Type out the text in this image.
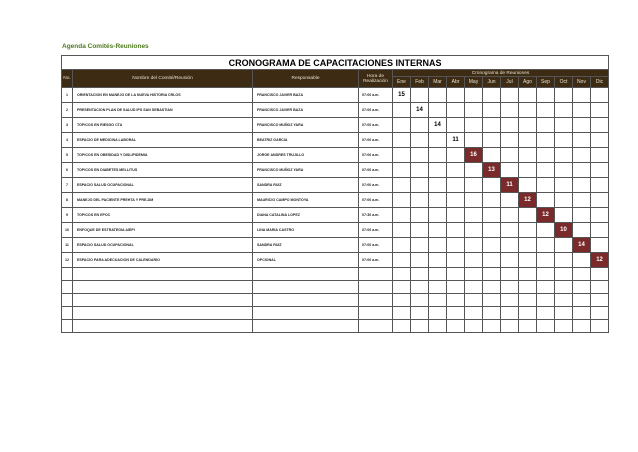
Agenda Comités-Reuniones
CRONOGRAMA DE CAPACITACIONES INTERNAS															
No.	Nombre del Comité/Reunión	Responsable	Hora de
Realización	Cronograma de Reuniones											
				Ene	Feb	Mar	Abr	May	Jun	Jul	Ago	Sep	Oct	Nov	Dic
1	ORIENTACION EN MANEJO DE LA NUEVA HISTORIA CRLOS	FRANCISCO JAVIER BAZA	07:00 a.m.	15											
2	PRESENTACION PLAN DE SALUD IPS SAN SEBASTIAN	FRANCISCO JAVIER BAZA	07:00 a.m.		14										
3	TOPICOS EN RIESGO CTA	FRANCISCO MUÑOZ YARA	07:00 a.m.			14									
4	ESPACIO DE MEDICINA LABORAL	BEATRIZ GARCIA	07:00 a.m.				11								
5	TOPICOS EN OBESIDAD Y DISLIPIDEMIA	JORGE ANDRES TRUJILLO	07:00 a.m.					16							
6	TOPICOS EN DIABETES MELLITUS	FRANCISCO MUÑOZ YARA	07:00 a.m.						13						
7	ESPACIO SALUD OCUPACIONAL	SANDRA RUIZ	07:00 a.m.							11					
8	MANEJO DEL PACIENTE PREHTA Y PRE-DM	MAURICIO CAMPO MONTOYA	07:00 a.m.								12				
9	TOPICOS EN EPOC	DIANA CATALINA LOPEZ	07:30 a.m.									12			
10	ENFOQUE DE ESTRATEGIA AIEPI	LINA MARIA CASTRO	07:00 a.m.										10		
11	ESPACIO SALUD OCUPACIONAL	SANDRA RUIZ	07:00 a.m.											14	
12	ESPACIO PARA ADECUACION DE CALENDARIO	OPCIONAL	07:00 a.m.												12
